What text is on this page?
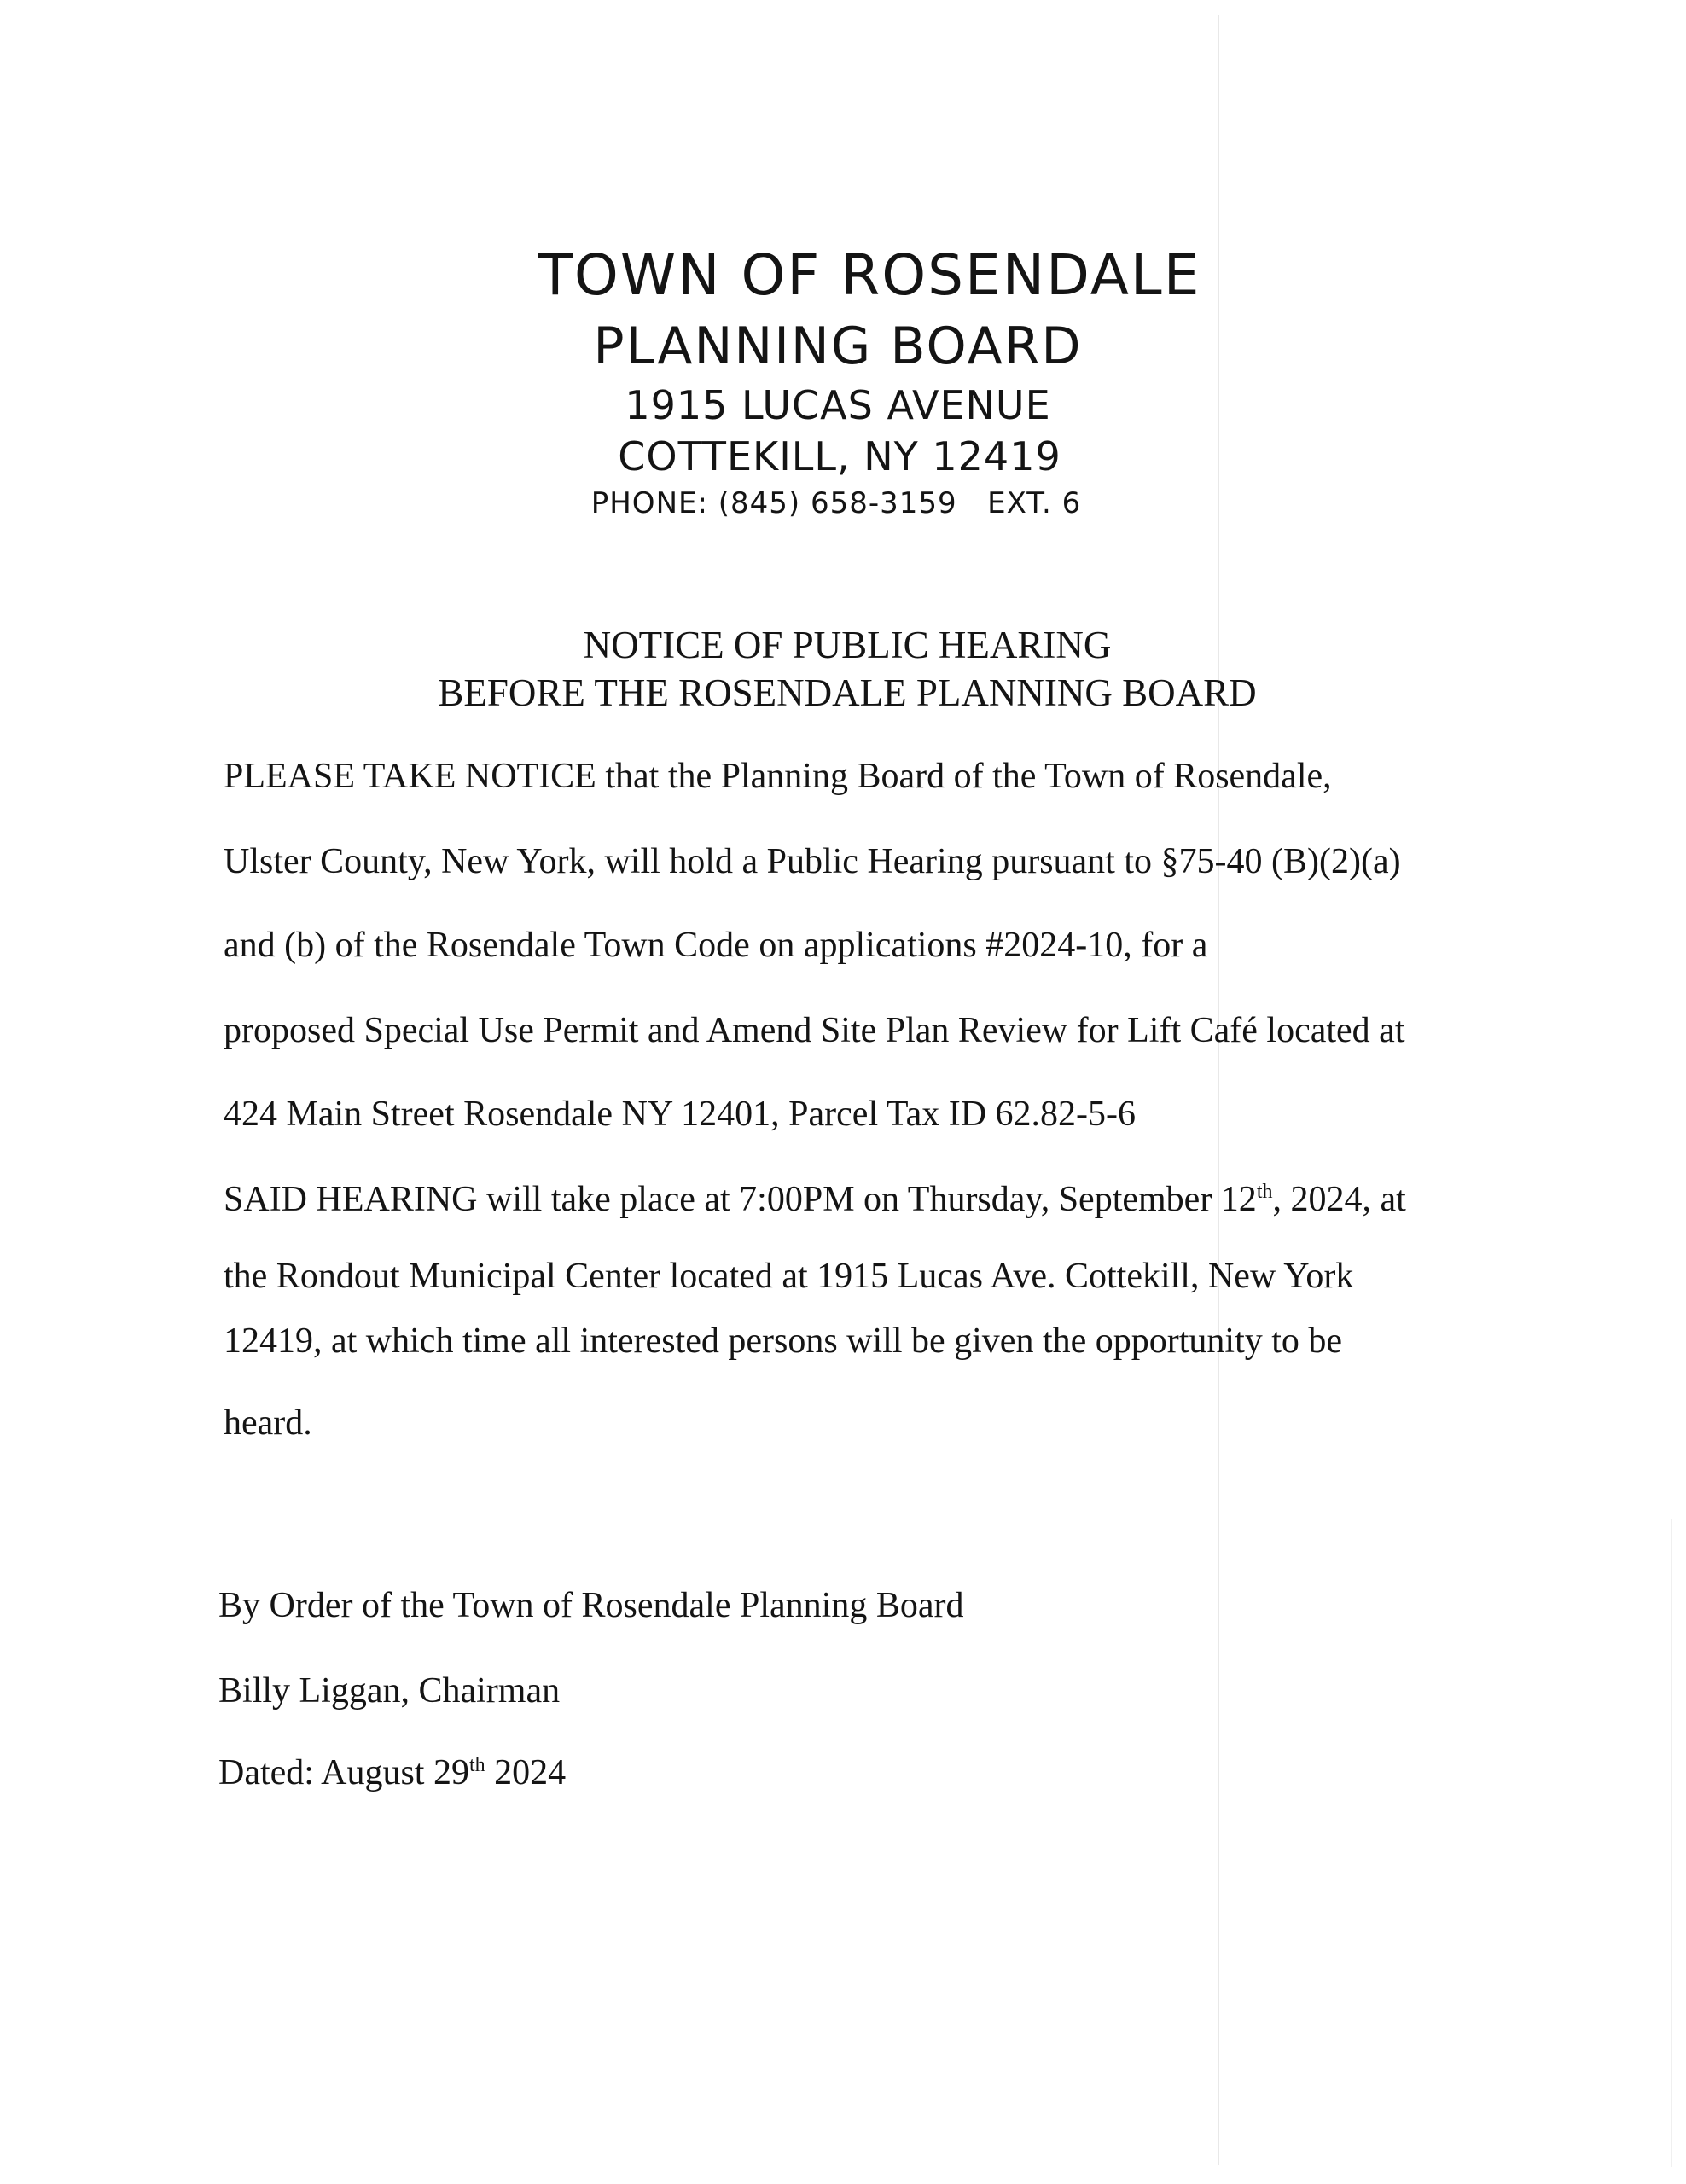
TOWN OF ROSENDALE
PLANNING BOARD
1915 LUCAS AVENUE
COTTEKILL, NY 12419
PHONE: (845) 658-3159   EXT. 6
NOTICE OF PUBLIC HEARING
BEFORE THE ROSENDALE PLANNING BOARD
PLEASE TAKE NOTICE that the Planning Board of the Town of Rosendale,
Ulster County, New York, will hold a Public Hearing pursuant to §75-40 (B)(2)(a)
and (b) of the Rosendale Town Code on applications #2024-10, for a
proposed Special Use Permit and Amend Site Plan Review for Lift Café located at
424 Main Street Rosendale NY 12401, Parcel Tax ID 62.82-5-6
SAID HEARING will take place at 7:00PM on Thursday, September 12th, 2024, at
the Rondout Municipal Center located at 1915 Lucas Ave. Cottekill, New York
12419, at which time all interested persons will be given the opportunity to be
heard.
By Order of the Town of Rosendale Planning Board
Billy Liggan, Chairman
Dated: August 29th 2024
